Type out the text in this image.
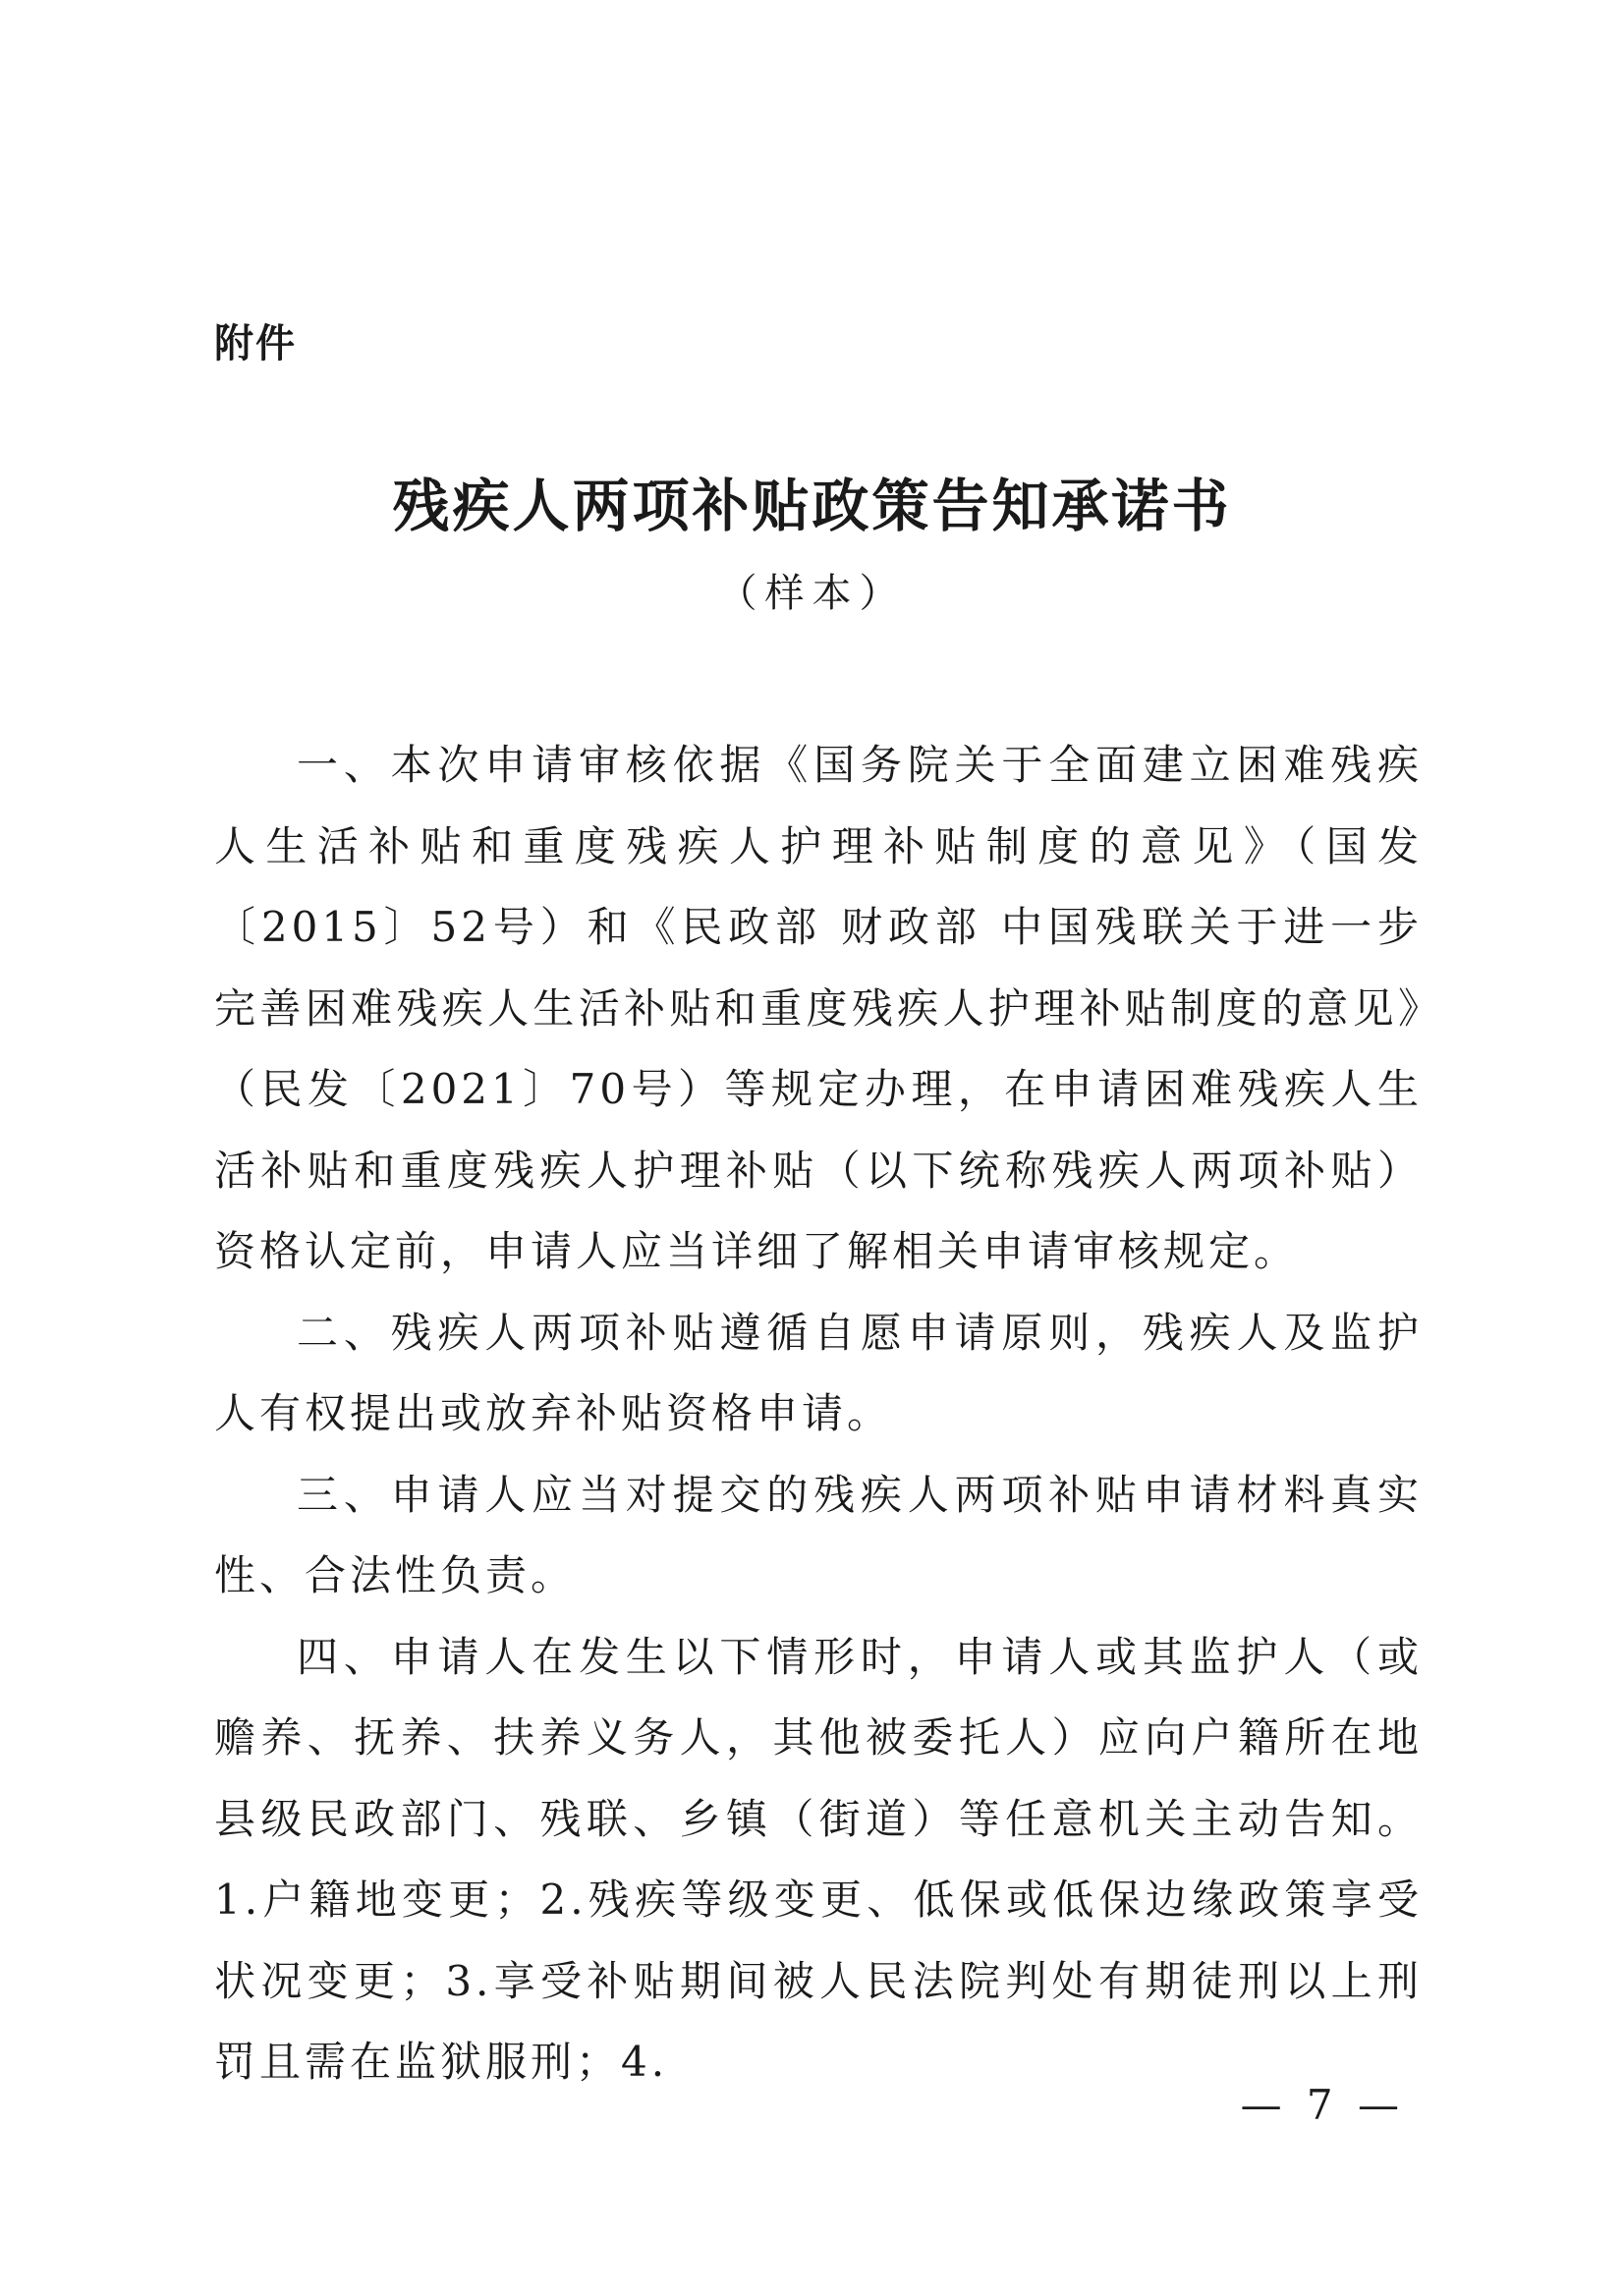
附件

残疾人两项补贴政策告知承诺书

（样本）

一、本次申请审核依据《国务院关于全面建立困难残疾人生活补贴和重度残疾人护理补贴制度的意见》（国发〔2015〕52号）和《民政部 财政部 中国残联关于进一步完善困难残疾人生活补贴和重度残疾人护理补贴制度的意见》（民发〔2021〕70号）等规定办理，在申请困难残疾人生活补贴和重度残疾人护理补贴（以下统称残疾人两项补贴）资格认定前，申请人应当详细了解相关申请审核规定。

二、残疾人两项补贴遵循自愿申请原则，残疾人及监护人有权提出或放弃补贴资格申请。

三、申请人应当对提交的残疾人两项补贴申请材料真实性、合法性负责。

四、申请人在发生以下情形时，申请人或其监护人（或赡养、抚养、扶养义务人，其他被委托人）应向户籍所在地县级民政部门、残联、乡镇（街道）等任意机关主动告知。1.户籍地变更；2.残疾等级变更、低保或低保边缘政策享受状况变更；3.享受补贴期间被人民法院判处有期徒刑以上刑罚且需在监狱服刑；4.

— 7 —
